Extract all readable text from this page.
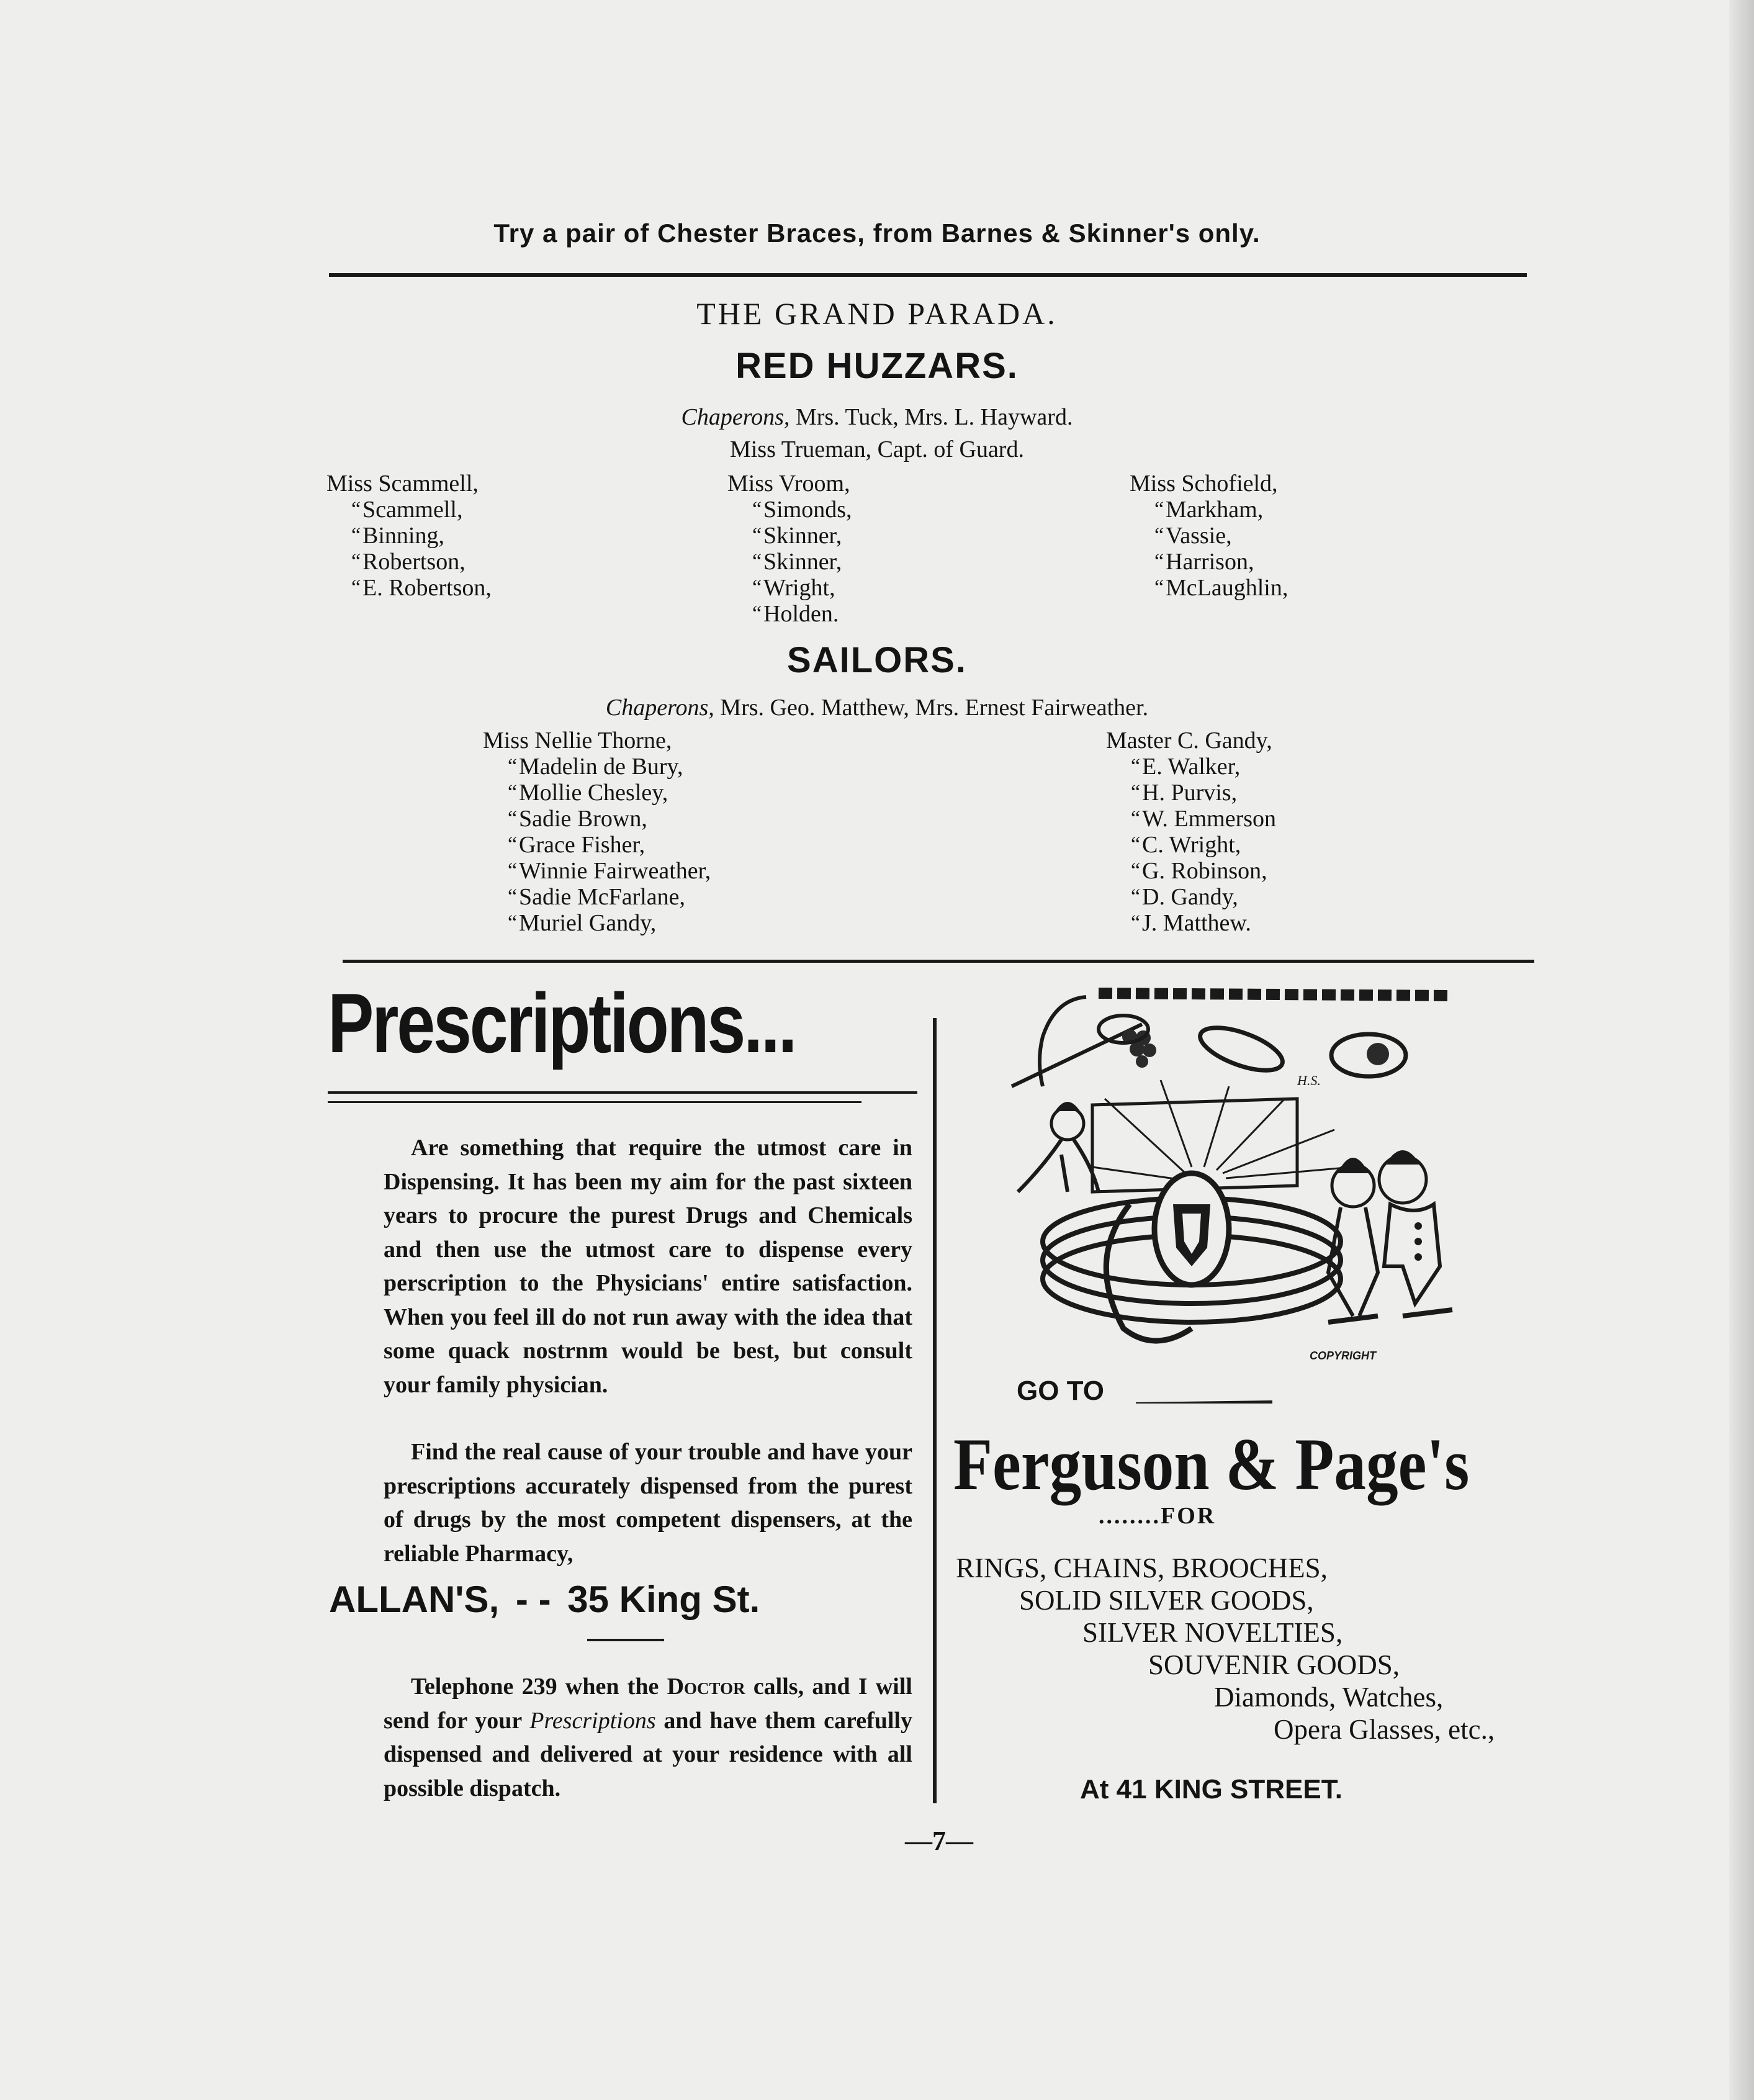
Try a pair of Chester Braces, from Barnes & Skinner's only.
THE GRAND PARADA.
RED HUZZARS.
Chaperons, Mrs. Tuck, Mrs. L. Hayward.
Miss Trueman, Capt. of Guard.
Miss Scammell,
“ Scammell,
“ Binning,
“ Robertson,
“ E. Robertson,
Miss Vroom,
“ Simonds,
“ Skinner,
“ Skinner,
“ Wright,
“ Holden.
Miss Schofield,
“ Markham,
“ Vassie,
“ Harrison,
“ McLaughlin,
SAILORS.
Chaperons, Mrs. Geo. Matthew, Mrs. Ernest Fairweather.
Miss Nellie Thorne,
“ Madelin de Bury,
“ Mollie Chesley,
“ Sadie Brown,
“ Grace Fisher,
“ Winnie Fairweather,
“ Sadie McFarlane,
“ Muriel Gandy,
Master C. Gandy,
“ E. Walker,
“ H. Purvis,
“ W. Emmerson
“ C. Wright,
“ G. Robinson,
“ D. Gandy,
“ J. Matthew.
Prescriptions...
Are something that require the utmost care in Dispensing. It has been my aim for the past sixteen years to procure the purest Drugs and Chemicals and then use the utmost care to dispense every perscription to the Physicians' entire satisfaction. When you feel ill do not run away with the idea that some quack nostrnm would be best, but consult your family physician.
Find the real cause of your trouble and have your prescriptions accurately dispensed from the purest of drugs by the most competent dispensers, at the reliable Pharmacy,
ALLAN'S, - - 35 King St.
Telephone 239 when the Doctor calls, and I will send for your Prescriptions and have them carefully dispensed and delivered at your residence with all possible dispatch.
H.S.
COPYRIGHT
GO TO
Ferguson & Page's
........FOR
RINGS, CHAINS, BROOCHES,
SOLID SILVER GOODS,
SILVER NOVELTIES,
SOUVENIR GOODS,
Diamonds, Watches,
Opera Glasses, etc.,
At 41 KING STREET.
—7—
